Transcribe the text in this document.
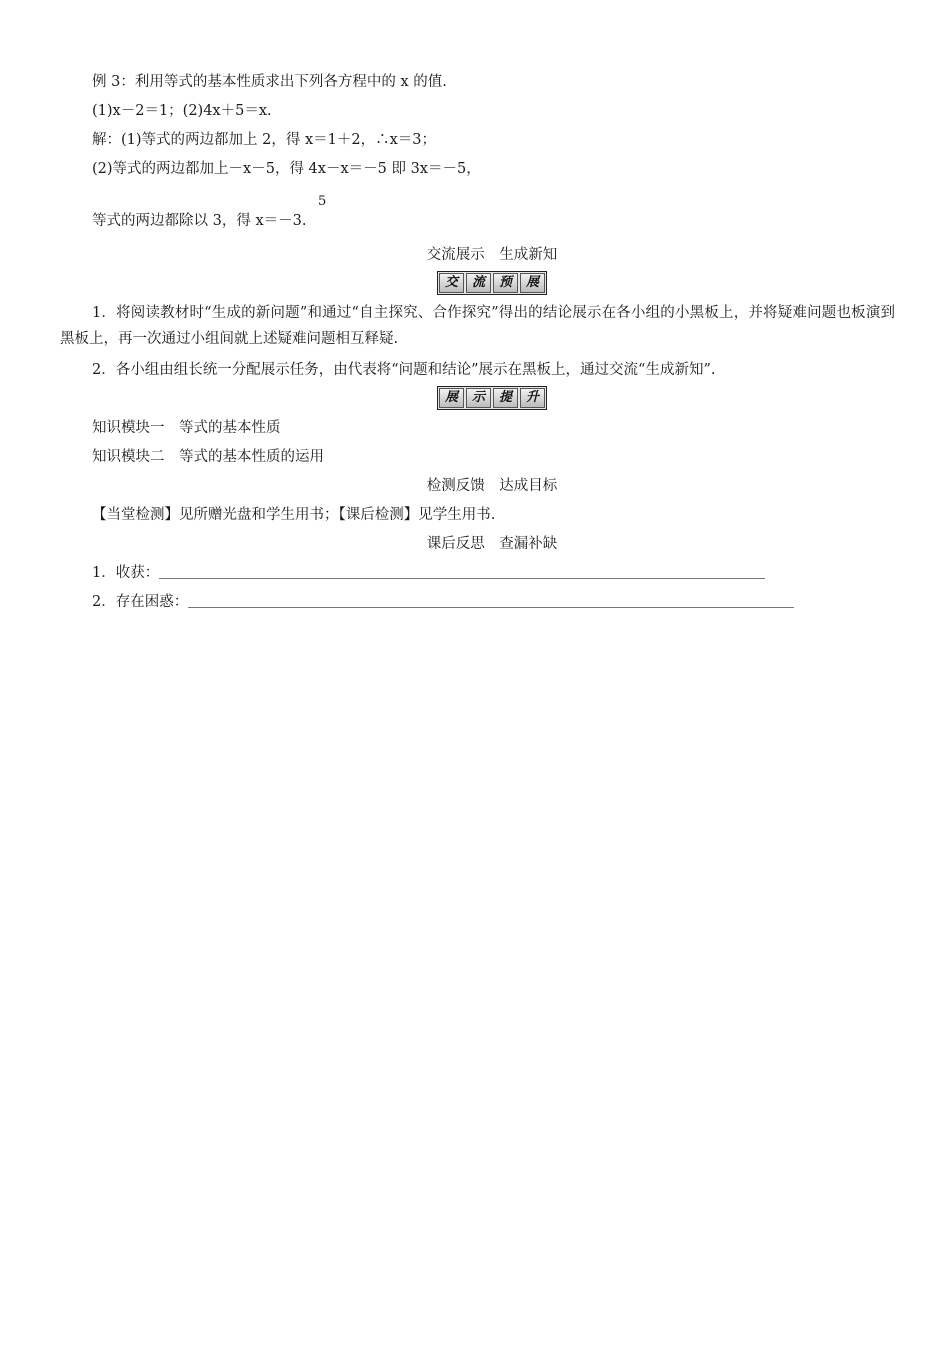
例 3：利用等式的基本性质求出下列各方程中的 x 的值.
(1)x－2＝1；(2)4x＋5＝x.
解：(1)等式的两边都加上 2，得 x＝1＋2，∴x＝3；
(2)等式的两边都加上－x－5，得 4x－x＝－5 即 3x＝－5，
5
等式的两边都除以 3，得 x＝－3.
交流展示　生成新知
交	流	预	展
1．将阅读教材时“生成的新问题”和通过“自主探究、合作探究”得出的结论展示在各小组的小黑板上，并将疑难问题也板演到黑板上，再一次通过小组间就上述疑难问题相互释疑.
2．各小组由组长统一分配展示任务，由代表将“问题和结论”展示在黑板上，通过交流“生成新知”.
展	示	提	升
知识模块一　等式的基本性质
知识模块二　等式的基本性质的运用
检测反馈　达成目标
【当堂检测】见所赠光盘和学生用书；【课后检测】见学生用书.
课后反思　查漏补缺
1．收获：
2．存在困惑：
